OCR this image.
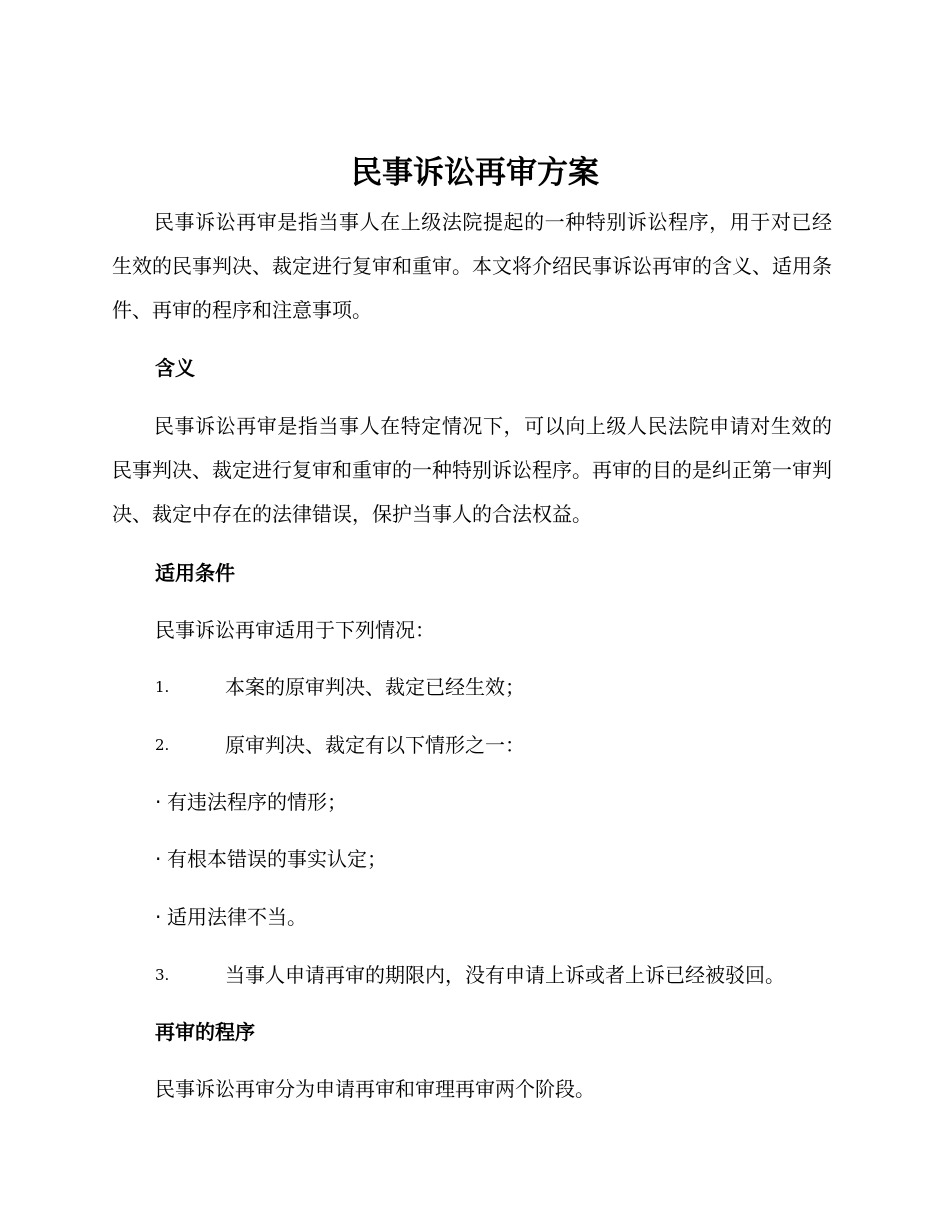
民事诉讼再审方案

民事诉讼再审是指当事人在上级法院提起的一种特别诉讼程序，用于对已经生效的民事判决、裁定进行复审和重审。本文将介绍民事诉讼再审的含义、适用条件、再审的程序和注意事项。

含义

民事诉讼再审是指当事人在特定情况下，可以向上级人民法院申请对生效的民事判决、裁定进行复审和重审的一种特别诉讼程序。再审的目的是纠正第一审判决、裁定中存在的法律错误，保护当事人的合法权益。

适用条件
民事诉讼再审适用于下列情况：
1.	本案的原审判决、裁定已经生效；
2.	原审判决、裁定有以下情形之一：
· 有违法程序的情形；
· 有根本错误的事实认定；
· 适用法律不当。
3.	当事人申请再审的期限内，没有申请上诉或者上诉已经被驳回。
再审的程序
民事诉讼再审分为申请再审和审理再审两个阶段。
